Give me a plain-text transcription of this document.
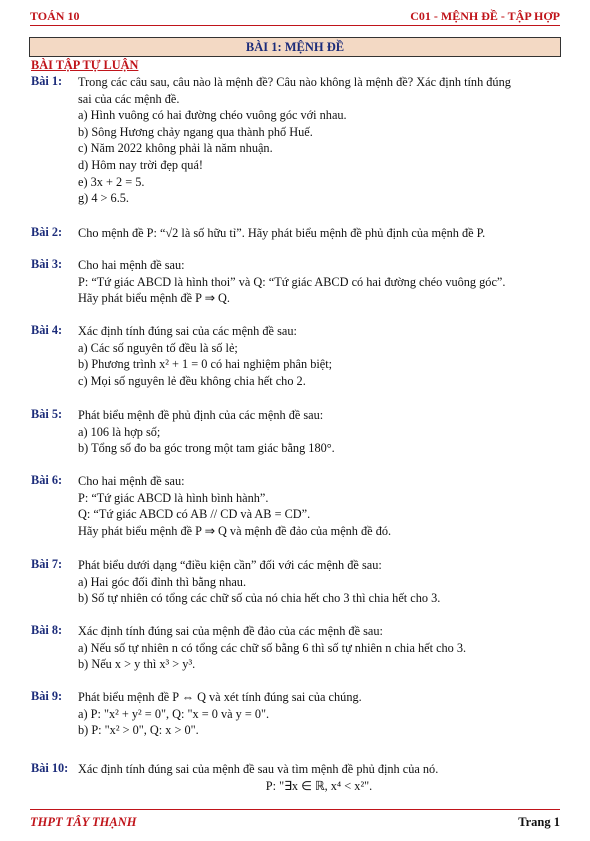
TOÁN 10	C01 - MỆNH ĐỀ - TẬP HỢP
BÀI 1: MỆNH ĐỀ
BÀI TẬP TỰ LUẬN
Bài 1: Trong các câu sau, câu nào là mệnh đề? Câu nào không là mệnh đề? Xác định tính đúng
sai của các mệnh đề.
a) Hình vuông có hai đường chéo vuông góc với nhau.
b) Sông Hương chảy ngang qua thành phố Huế.
c) Năm 2022 không phải là năm nhuận.
d) Hôm nay trời đẹp quá!
e) 3x + 2 = 5.
g) 4 > 6.5.
Bài 2: Cho mệnh đề P: “√2 là số hữu tỉ”. Hãy phát biểu mệnh đề phủ định của mệnh đề P.
Bài 3: Cho hai mệnh đề sau:
P: “Tứ giác ABCD là hình thoi” và Q: “Tứ giác ABCD có hai đường chéo vuông góc”.
Hãy phát biểu mệnh đề P ⇒ Q.
Bài 4: Xác định tính đúng sai của các mệnh đề sau:
a) Các số nguyên tố đều là số lẻ;
b) Phương trình x² + 1 = 0 có hai nghiệm phân biệt;
c) Mọi số nguyên lẻ đều không chia hết cho 2.
Bài 5: Phát biểu mệnh đề phủ định của các mệnh đề sau:
a) 106 là hợp số;
b) Tổng số đo ba góc trong một tam giác bằng 180°.
Bài 6: Cho hai mệnh đề sau:
P: “Tứ giác ABCD là hình bình hành”.
Q: “Tứ giác ABCD có AB // CD và AB = CD”.
Hãy phát biểu mệnh đề P ⇒ Q và mệnh đề đảo của mệnh đề đó.
Bài 7: Phát biểu dưới dạng “điều kiện cần” đối với các mệnh đề sau:
a) Hai góc đối đỉnh thì bằng nhau.
b) Số tự nhiên có tổng các chữ số của nó chia hết cho 3 thì chia hết cho 3.
Bài 8: Xác định tính đúng sai của mệnh đề đảo của các mệnh đề sau:
a) Nếu số tự nhiên n có tổng các chữ số bằng 6 thì số tự nhiên n chia hết cho 3.
b) Nếu x > y thì x³ > y³.
Bài 9: Phát biểu mệnh đề P ⇔ Q và xét tính đúng sai của chúng.
a) P: "x² + y² = 0", Q: "x = 0 và y = 0".
b) P: "x² > 0", Q: x > 0".
Bài 10: Xác định tính đúng sai của mệnh đề sau và tìm mệnh đề phủ định của nó.
P: "∃x ∈ ℝ, x⁴ < x²".
THPT TÂY THẠNH	Trang 1
